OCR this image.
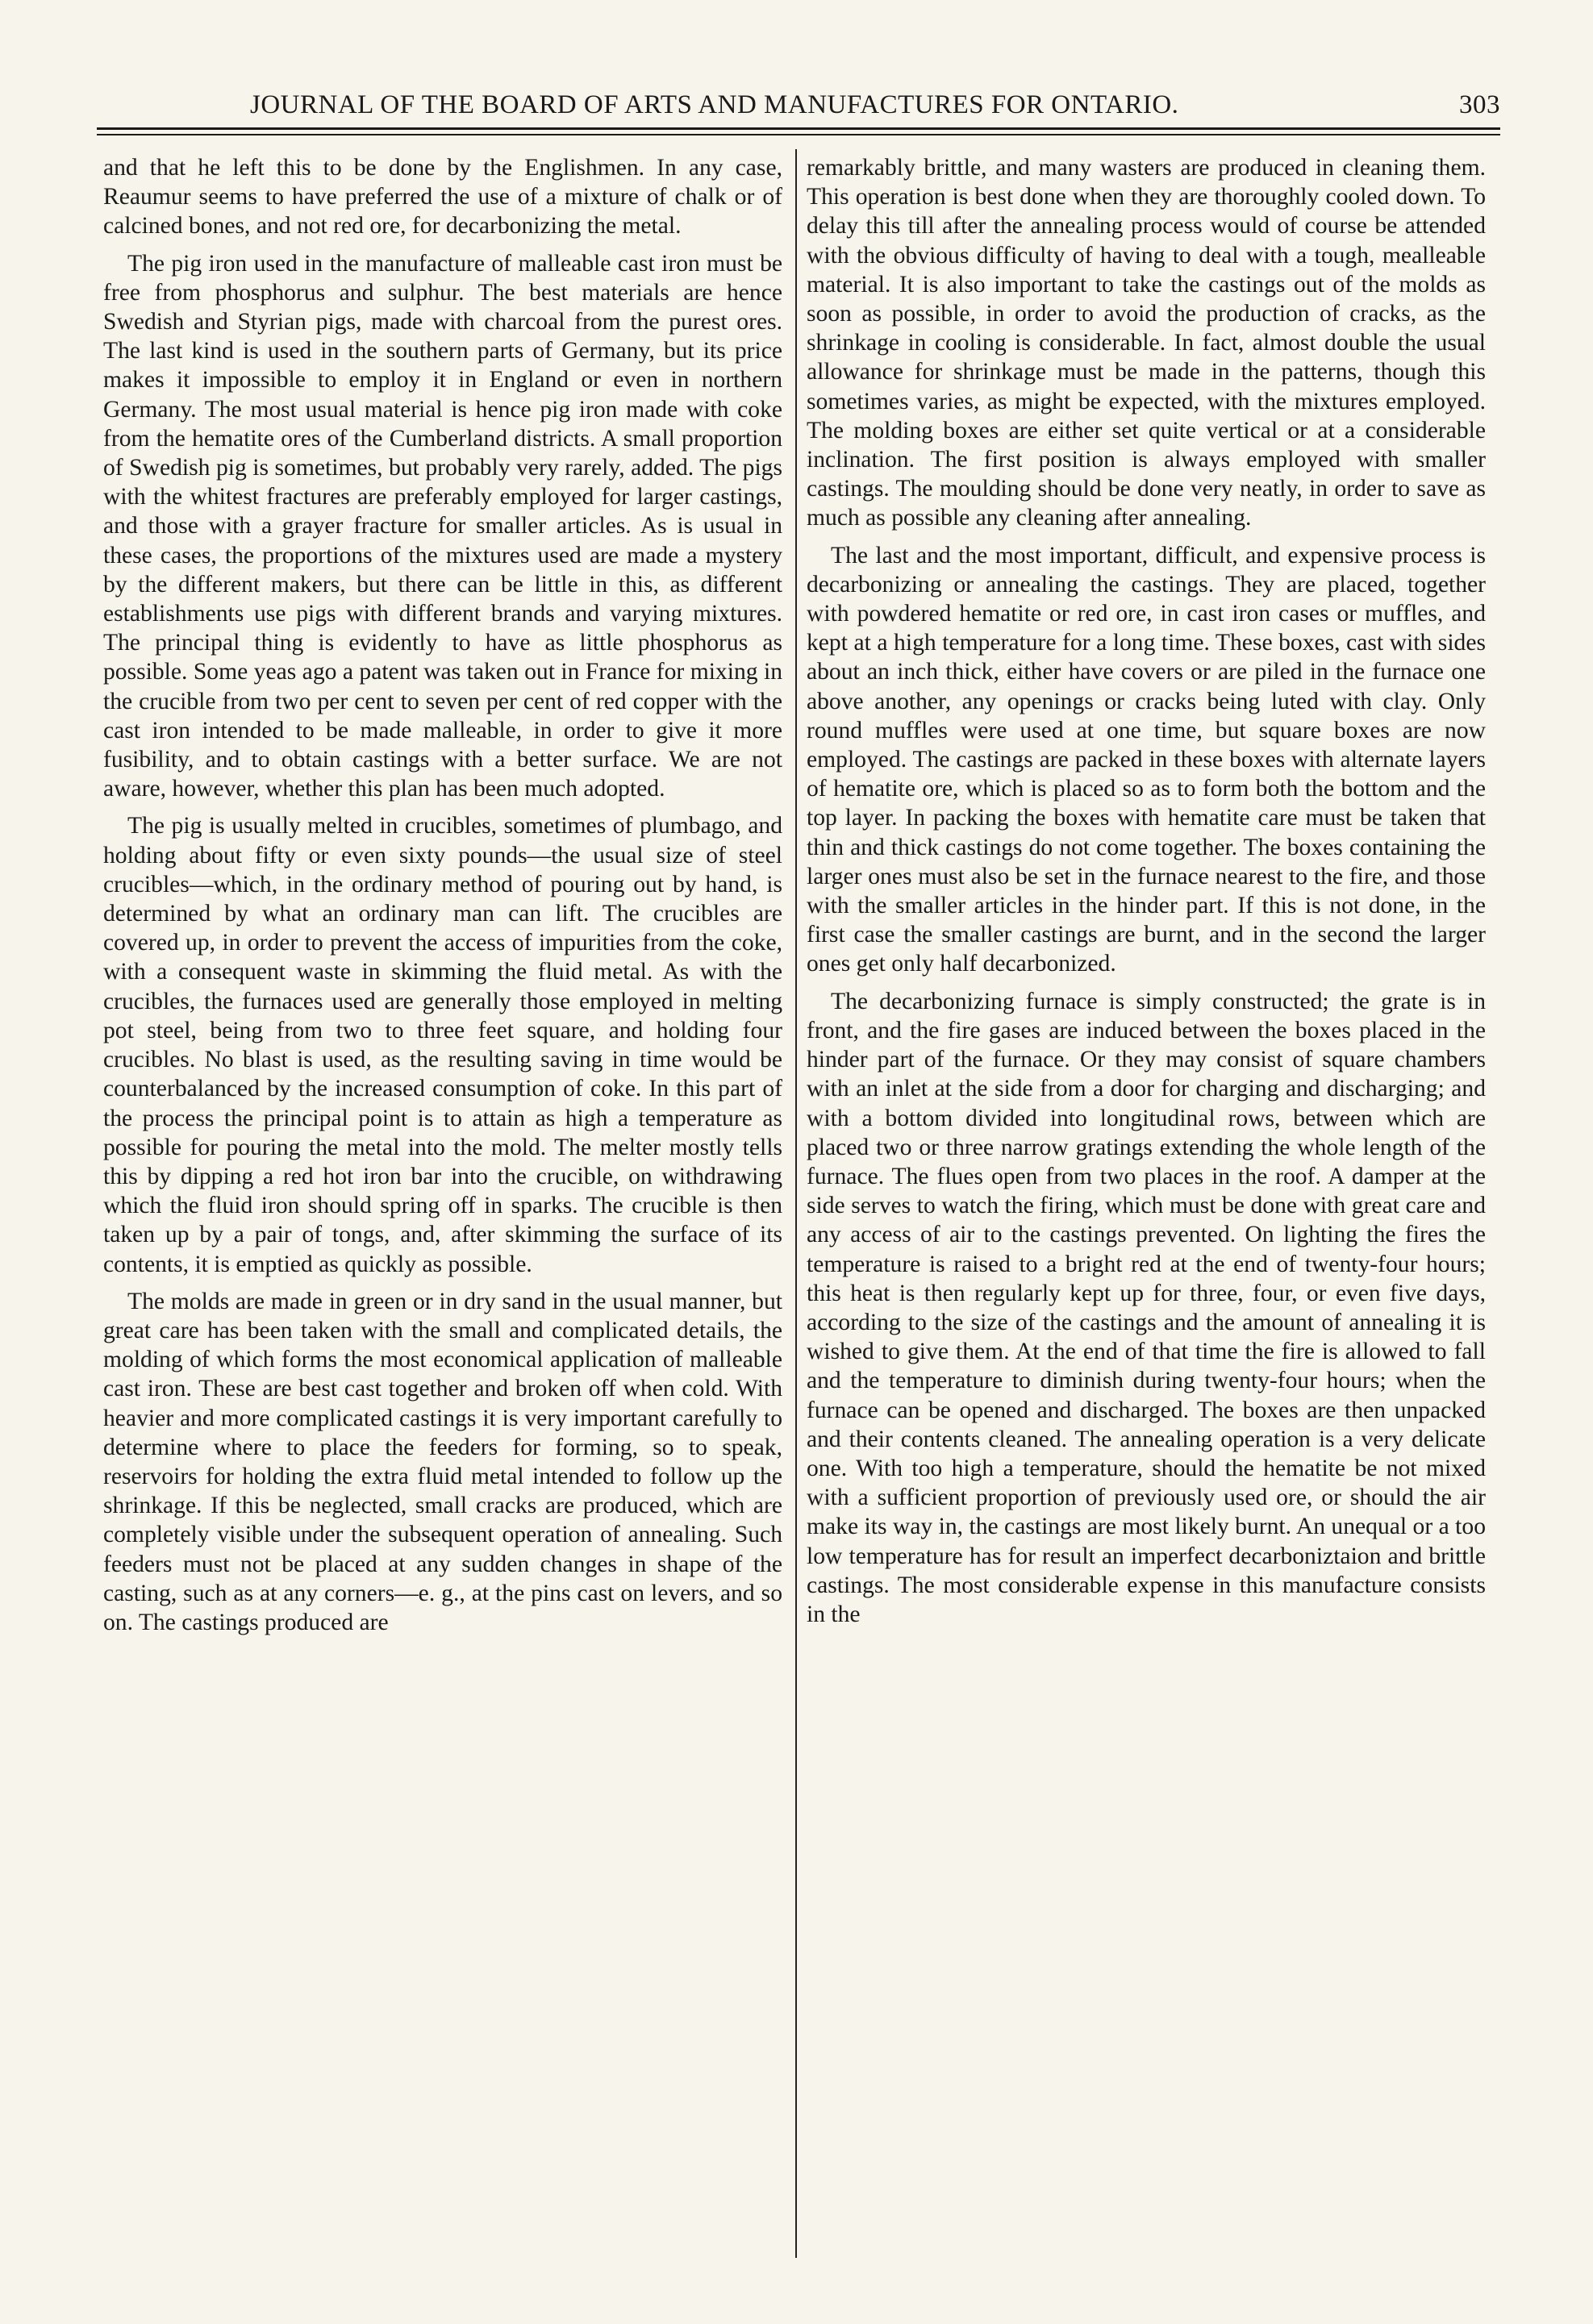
JOURNAL OF THE BOARD OF ARTS AND MANUFACTURES FOR ONTARIO.	303

and that he left this to be done by the Englishmen. In any case, Reaumur seems to have preferred the use of a mixture of chalk or of calcined bones, and not red ore, for decarbonizing the metal.

The pig iron used in the manufacture of malleable cast iron must be free from phosphorus and sulphur. The best materials are hence Swedish and Styrian pigs, made with charcoal from the purest ores. The last kind is used in the southern parts of Germany, but its price makes it impossible to employ it in England or even in northern Germany. The most usual material is hence pig iron made with coke from the hematite ores of the Cumberland districts. A small proportion of Swedish pig is sometimes, but probably very rarely, added. The pigs with the whitest fractures are preferably employed for larger castings, and those with a grayer fracture for smaller articles. As is usual in these cases, the proportions of the mixtures used are made a mystery by the different makers, but there can be little in this, as different establishments use pigs with different brands and varying mixtures. The principal thing is evidently to have as little phosphorus as possible. Some yeas ago a patent was taken out in France for mixing in the crucible from two per cent to seven per cent of red copper with the cast iron intended to be made malleable, in order to give it more fusibility, and to obtain castings with a better surface. We are not aware, however, whether this plan has been much adopted.

The pig is usually melted in crucibles, sometimes of plumbago, and holding about fifty or even sixty pounds—the usual size of steel crucibles—which, in the ordinary method of pouring out by hand, is determined by what an ordinary man can lift. The crucibles are covered up, in order to prevent the access of impurities from the coke, with a consequent waste in skimming the fluid metal. As with the crucibles, the furnaces used are generally those employed in melting pot steel, being from two to three feet square, and holding four crucibles. No blast is used, as the resulting saving in time would be counterbalanced by the increased consumption of coke. In this part of the process the principal point is to attain as high a temperature as possible for pouring the metal into the mold. The melter mostly tells this by dipping a red hot iron bar into the crucible, on withdrawing which the fluid iron should spring off in sparks. The crucible is then taken up by a pair of tongs, and, after skimming the surface of its contents, it is emptied as quickly as possible.

The molds are made in green or in dry sand in the usual manner, but great care has been taken with the small and complicated details, the molding of which forms the most economical application of malleable cast iron. These are best cast together and broken off when cold. With heavier and more complicated castings it is very important carefully to determine where to place the feeders for forming, so to speak, reservoirs for holding the extra fluid metal intended to follow up the shrinkage. If this be neglected, small cracks are produced, which are completely visible under the subsequent operation of annealing. Such feeders must not be placed at any sudden changes in shape of the casting, such as at any corners—e. g., at the pins cast on levers, and so on. The castings produced are

remarkably brittle, and many wasters are produced in cleaning them. This operation is best done when they are thoroughly cooled down. To delay this till after the annealing process would of course be attended with the obvious difficulty of having to deal with a tough, mealleable material. It is also important to take the castings out of the molds as soon as possible, in order to avoid the production of cracks, as the shrinkage in cooling is considerable. In fact, almost double the usual allowance for shrinkage must be made in the patterns, though this sometimes varies, as might be expected, with the mixtures employed. The molding boxes are either set quite vertical or at a considerable inclination. The first position is always employed with smaller castings. The moulding should be done very neatly, in order to save as much as possible any cleaning after annealing.

The last and the most important, difficult, and expensive process is decarbonizing or annealing the castings. They are placed, together with powdered hematite or red ore, in cast iron cases or muffles, and kept at a high temperature for a long time. These boxes, cast with sides about an inch thick, either have covers or are piled in the furnace one above another, any openings or cracks being luted with clay. Only round muffles were used at one time, but square boxes are now employed. The castings are packed in these boxes with alternate layers of hematite ore, which is placed so as to form both the bottom and the top layer. In packing the boxes with hematite care must be taken that thin and thick castings do not come together. The boxes containing the larger ones must also be set in the furnace nearest to the fire, and those with the smaller articles in the hinder part. If this is not done, in the first case the smaller castings are burnt, and in the second the larger ones get only half decarbonized.

The decarbonizing furnace is simply constructed; the grate is in front, and the fire gases are induced between the boxes placed in the hinder part of the furnace. Or they may consist of square chambers with an inlet at the side from a door for charging and discharging; and with a bottom divided into longitudinal rows, between which are placed two or three narrow gratings extending the whole length of the furnace. The flues open from two places in the roof. A damper at the side serves to watch the firing, which must be done with great care and any access of air to the castings prevented. On lighting the fires the temperature is raised to a bright red at the end of twenty-four hours; this heat is then regularly kept up for three, four, or even five days, according to the size of the castings and the amount of annealing it is wished to give them. At the end of that time the fire is allowed to fall and the temperature to diminish during twenty-four hours; when the furnace can be opened and discharged. The boxes are then unpacked and their contents cleaned. The annealing operation is a very delicate one. With too high a temperature, should the hematite be not mixed with a sufficient proportion of previously used ore, or should the air make its way in, the castings are most likely burnt. An unequal or a too low temperature has for result an imperfect decarboniztaion and brittle castings. The most considerable expense in this manufacture consists in the
